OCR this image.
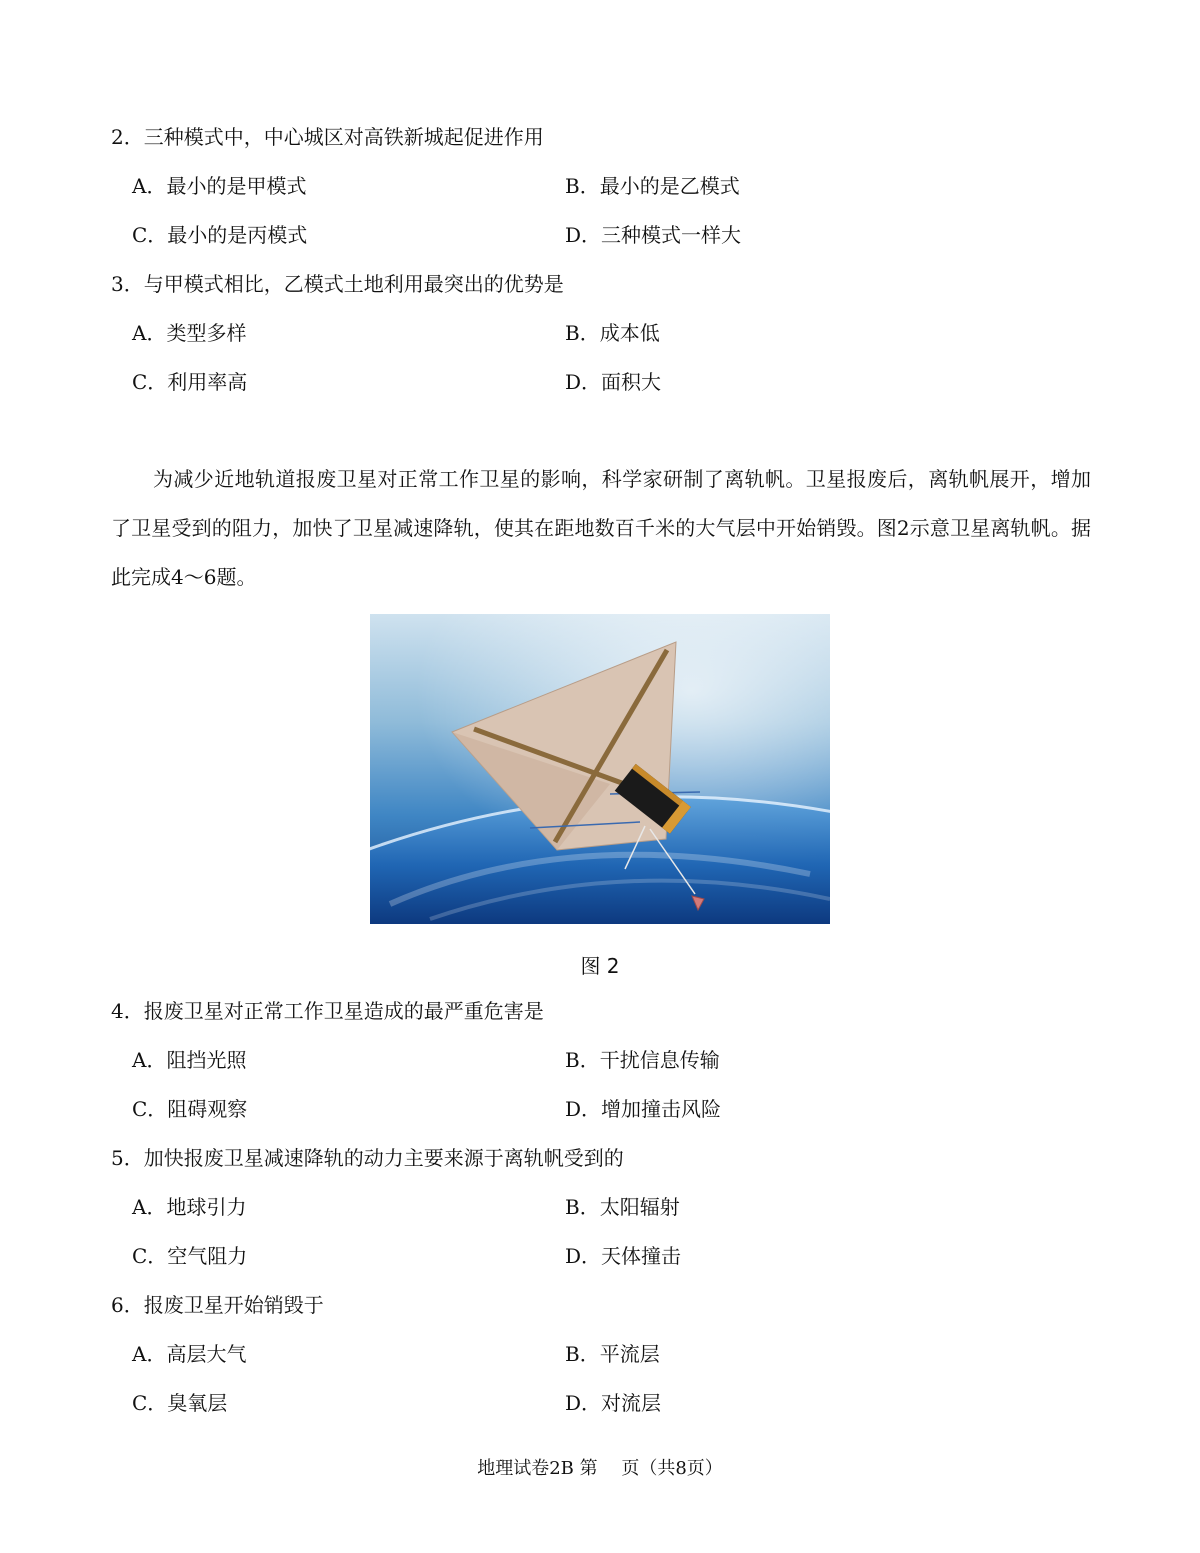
2．三种模式中，中心城区对高铁新城起促进作用
A．最小的是甲模式	B．最小的是乙模式
C．最小的是丙模式	D．三种模式一样大
3．与甲模式相比，乙模式土地利用最突出的优势是
A．类型多样	B．成本低
C．利用率高	D．面积大

为减少近地轨道报废卫星对正常工作卫星的影响，科学家研制了离轨帆。卫星报废后，离轨帆展开，增加了卫星受到的阻力，加快了卫星减速降轨，使其在距地数百千米的大气层中开始销毁。图2示意卫星离轨帆。据此完成4～6题。

图 2
4．报废卫星对正常工作卫星造成的最严重危害是
A．阻挡光照	B．干扰信息传输
C．阻碍观察	D．增加撞击风险
5．加快报废卫星减速降轨的动力主要来源于离轨帆受到的
A．地球引力	B．太阳辐射
C．空气阻力	D．天体撞击
6．报废卫星开始销毁于
A．高层大气	B．平流层
C．臭氧层	D．对流层
地理试卷2B 第　 页（共8页）
